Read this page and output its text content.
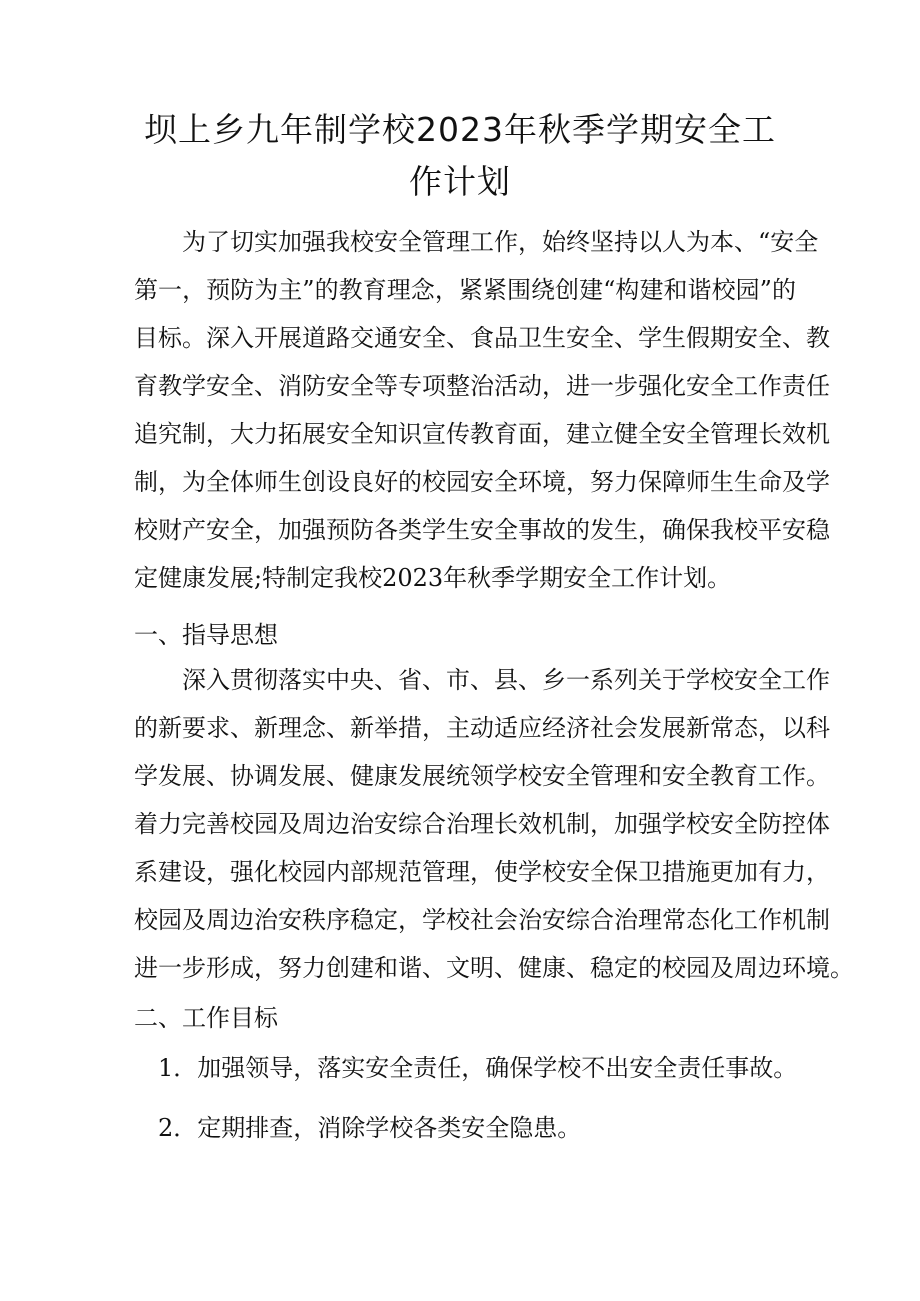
坝上乡九年制学校2023年秋季学期安全工
作计划
为了切实加强我校安全管理工作，始终坚持以人为本、“安全
第一，预防为主”的教育理念，紧紧围绕创建“构建和谐校园”的
目标。深入开展道路交通安全、食品卫生安全、学生假期安全、教
育教学安全、消防安全等专项整治活动，进一步强化安全工作责任
追究制，大力拓展安全知识宣传教育面，建立健全安全管理长效机
制，为全体师生创设良好的校园安全环境，努力保障师生生命及学
校财产安全，加强预防各类学生安全事故的发生，确保我校平安稳
定健康发展;特制定我校2023年秋季学期安全工作计划。
一、指导思想
深入贯彻落实中央、省、市、县、乡一系列关于学校安全工作
的新要求、新理念、新举措，主动适应经济社会发展新常态，以科
学发展、协调发展、健康发展统领学校安全管理和安全教育工作。
着力完善校园及周边治安综合治理长效机制，加强学校安全防控体
系建设，强化校园内部规范管理，使学校安全保卫措施更加有力，
校园及周边治安秩序稳定，学校社会治安综合治理常态化工作机制
进一步形成，努力创建和谐、文明、健康、稳定的校园及周边环境。
二、工作目标
1．加强领导，落实安全责任，确保学校不出安全责任事故。
2．定期排查，消除学校各类安全隐患。
